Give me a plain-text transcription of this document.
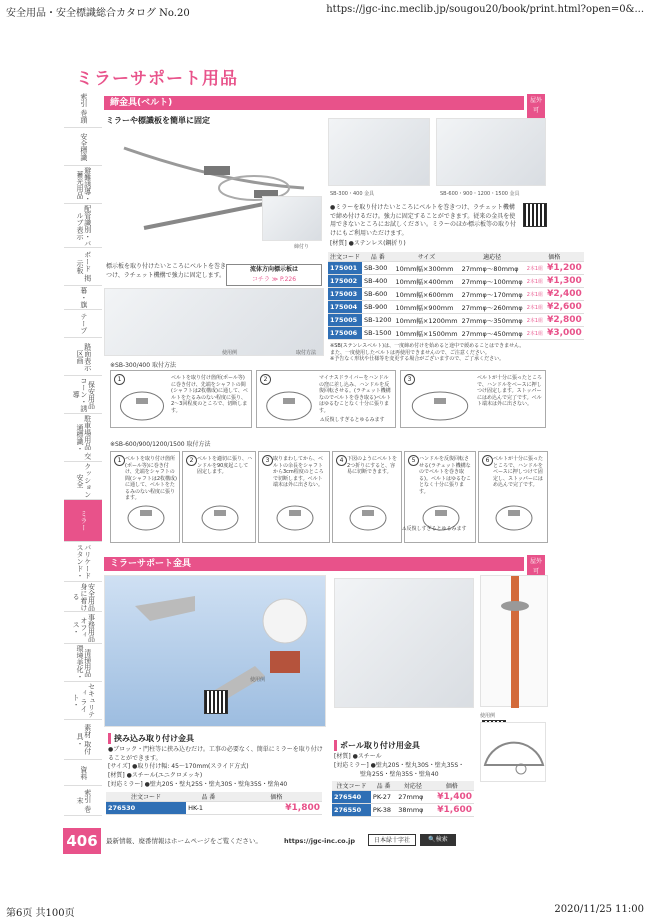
安全用品・安全標識総合カタログ No.20	https://jgc-inc.meclib.jp/sougou20/book/print.html?open=0&...
ミラーサポート用品
索引 巻頭
安全標識
避難誘導・蓄光用品
配管識別・バルブ表示
ボード 掲示板
幕・旗
テープ
路面表示 区画
保安用品 コーン・誘導
駐車場用品 交通標識・
クッション 安全
ミラー
バリケード スタンド・
安全用品 身に着ける
事務用品 オフィス・
清掃用品 環境美化・
セキュリティ ライト・
素材 取付具・
資料
索引 巻末
締金具(ベルト)	屋外 可
ミラーや標識板を簡単に固定
締付り
SB-300・400 金具	SB-600・900・1200・1500 金具
●ミラーを取り付けたいところにベルトを巻きつけ、ラチェット機構で締め付けるだけ。強力に固定することができます。従来の金具を使用できないところにお試しください。ミラーのほか標示板等の取り付けにもご利用いただけます。
[材質] ●ステンレス(鋼折り)
標示板を取り付けたいところにベルトを巻きつけ、ラチェット機構で強力に固定します。
流体方向標示板は
コチラ ≫ P.226
使用例	取付方法
注文コード	品 番	サイズ	適応径	価格	
175001	SB-300	10mm幅×300mm	27mmφ～80mmφ	2本1組	¥1,200
175002	SB-400	10mm幅×400mm	27mmφ～100mmφ	2本1組	¥1,300
175003	SB-600	10mm幅×600mm	27mmφ～170mmφ	2本1組	¥2,400
175004	SB-900	10mm幅×900mm	27mmφ～260mmφ	2本1組	¥2,600
175005	SB-1200	10mm幅×1200mm	27mmφ～350mmφ	2本1組	¥2,800
175006	SB-1500	10mm幅×1500mm	27mmφ～450mmφ	2本1組	¥3,000
※SB(ステンレスベルト)は、一度締め付けを始めると途中で緩めることはできません。
また、一度使用したベルトは再使用できませんので、ご注意ください。
※予告なく形状や仕様等を変更する場合がございますので、ご了承ください。
※SB-300/400 取付方法
1	ベルトを取り付け箇所(ポール等)に巻き付け、先端をシャフトの間(シャフトは2枚構成)に通して、ベルトをたるみのない程度に張り、2～3回程度のところで、切断します。
2	マイナスドライバーをハンドルの窪に差し込み、ハンドルを反復回転させる。(ラチェット機構なのでベルトを巻き取る)ベルトはゆるむことなく十分に張ります。
3	ベルトが十分に張ったところで、ハンドルをベースに押しつけ固定します。ストッパーにはめ込んで完了です。ベルト端末は外に出さない。
⚠反復しすぎるとゆるみます
※SB-600/900/1200/1500 取付方法
1 ベルトを取り付け箇所(ポール等)に巻き付け、先端をシャフトの間(シャフトは2枚構成)に通して、ベルトをたるみのない程度に張ります。
2 ベルトを適切に張り、ハンドルを90度起こして固定します。
3 取りまわしてから、ベルトの余長をシャフトから3cm程度のところで切断します。ベルト端末は外に出さない。
4 下図のようにベルトを2つ折りにすると、容易に切断できます。
5 ハンドルを反復回転させる(ラチェット機構なのでベルトを巻き取る)。ベルトはゆるむことなく十分に張ります。
6 ベルトが十分に張ったところで、ハンドルをベースに押しつけて固定し、ストッパーにはめ込んで完了です。
⚠反復しすぎるとゆるみます
ミラーサポート金具	屋外 可
使用例
使用例
挟み込み取り付け金具
●ブロック・門柱等に挟み込むだけ。工事の必要なく、簡単にミラーを取り付けることができます。
[サイズ] ●取り付け幅: 45～170mm(スライド方式)
[材質] ●スチール(ユニクロメッキ)
[対応ミラー] ●壁丸20S・壁丸25S・壁丸30S・壁角35S・壁角40
注文コード	品 番	価格
276530	HK-1	¥1,800
ポール取り付け用金具
[材質] ●スチール
[対応ミラー] ●壁丸20S・壁丸30S・壁丸35S・
壁角25S・壁角35S・壁角40
注文コード	品 番	対応径	価格
276540	PK-27	27mmφ	¥1,400
276550	PK-38	38mmφ	¥1,600
406	最新情報、廃番情報はホームページをご覧ください。	https://jgc-inc.co.jp	日本緑十字社	🔍検索
第6页 共100页	2020/11/25 11:00
